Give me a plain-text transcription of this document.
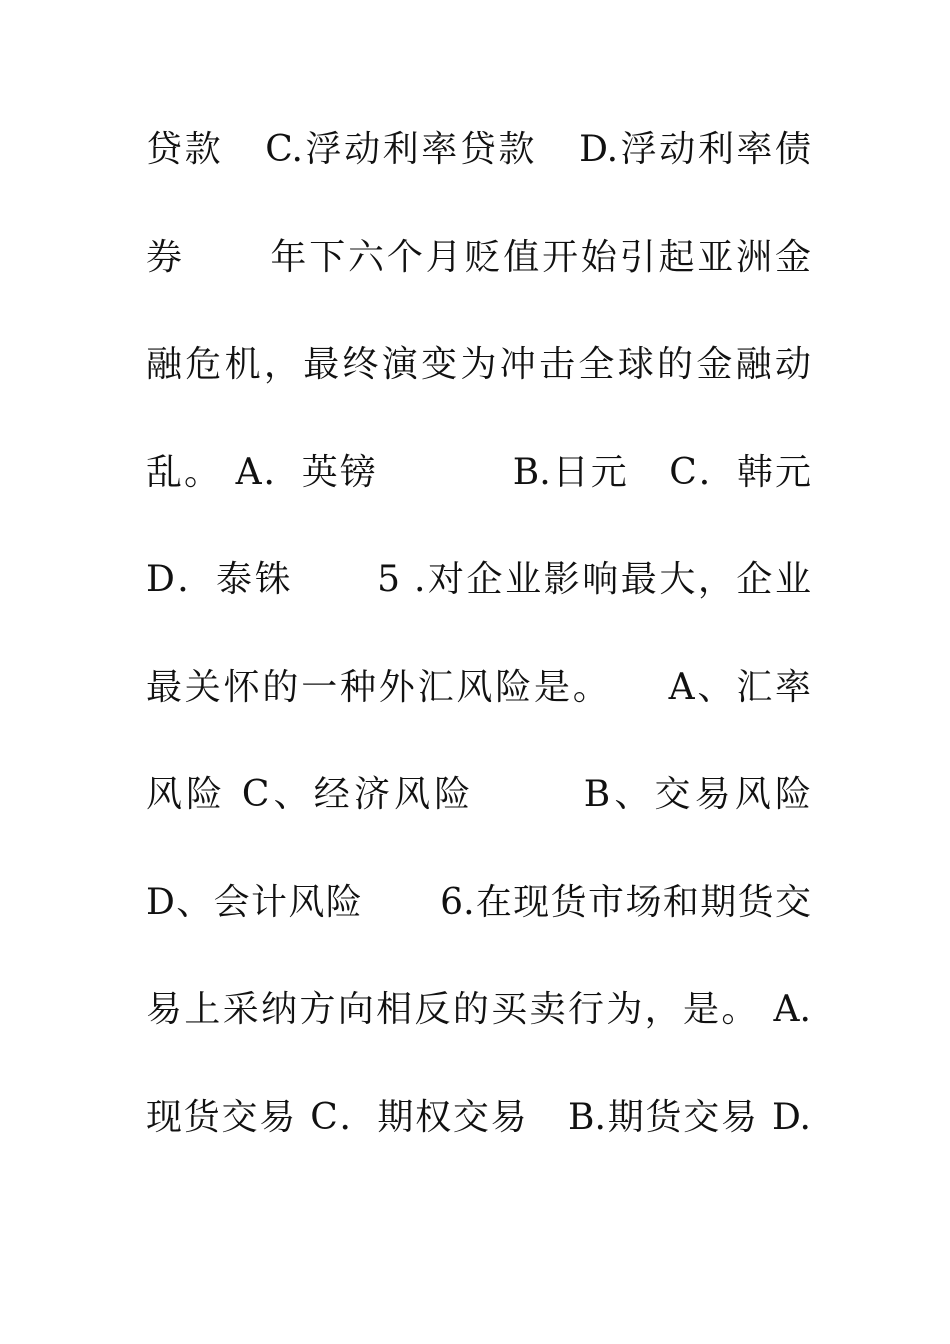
贷款   C.浮动利率贷款   D.浮动利率债
券      年下六个月贬值开始引起亚洲金
融危机，最终演变为冲击全球的金融动
乱。 A．英镑          B.日元   C．韩元
D．泰铢      5 .对企业影响最大，企业
最关怀的一种外汇风险是。    A、汇率
风险 C、经济风险       B、交易风险
D、会计风险      6.在现货市场和期货交
易上采纳方向相反的买卖行为，是。 A.
现货交易 C．期权交易   B.期货交易 D.
